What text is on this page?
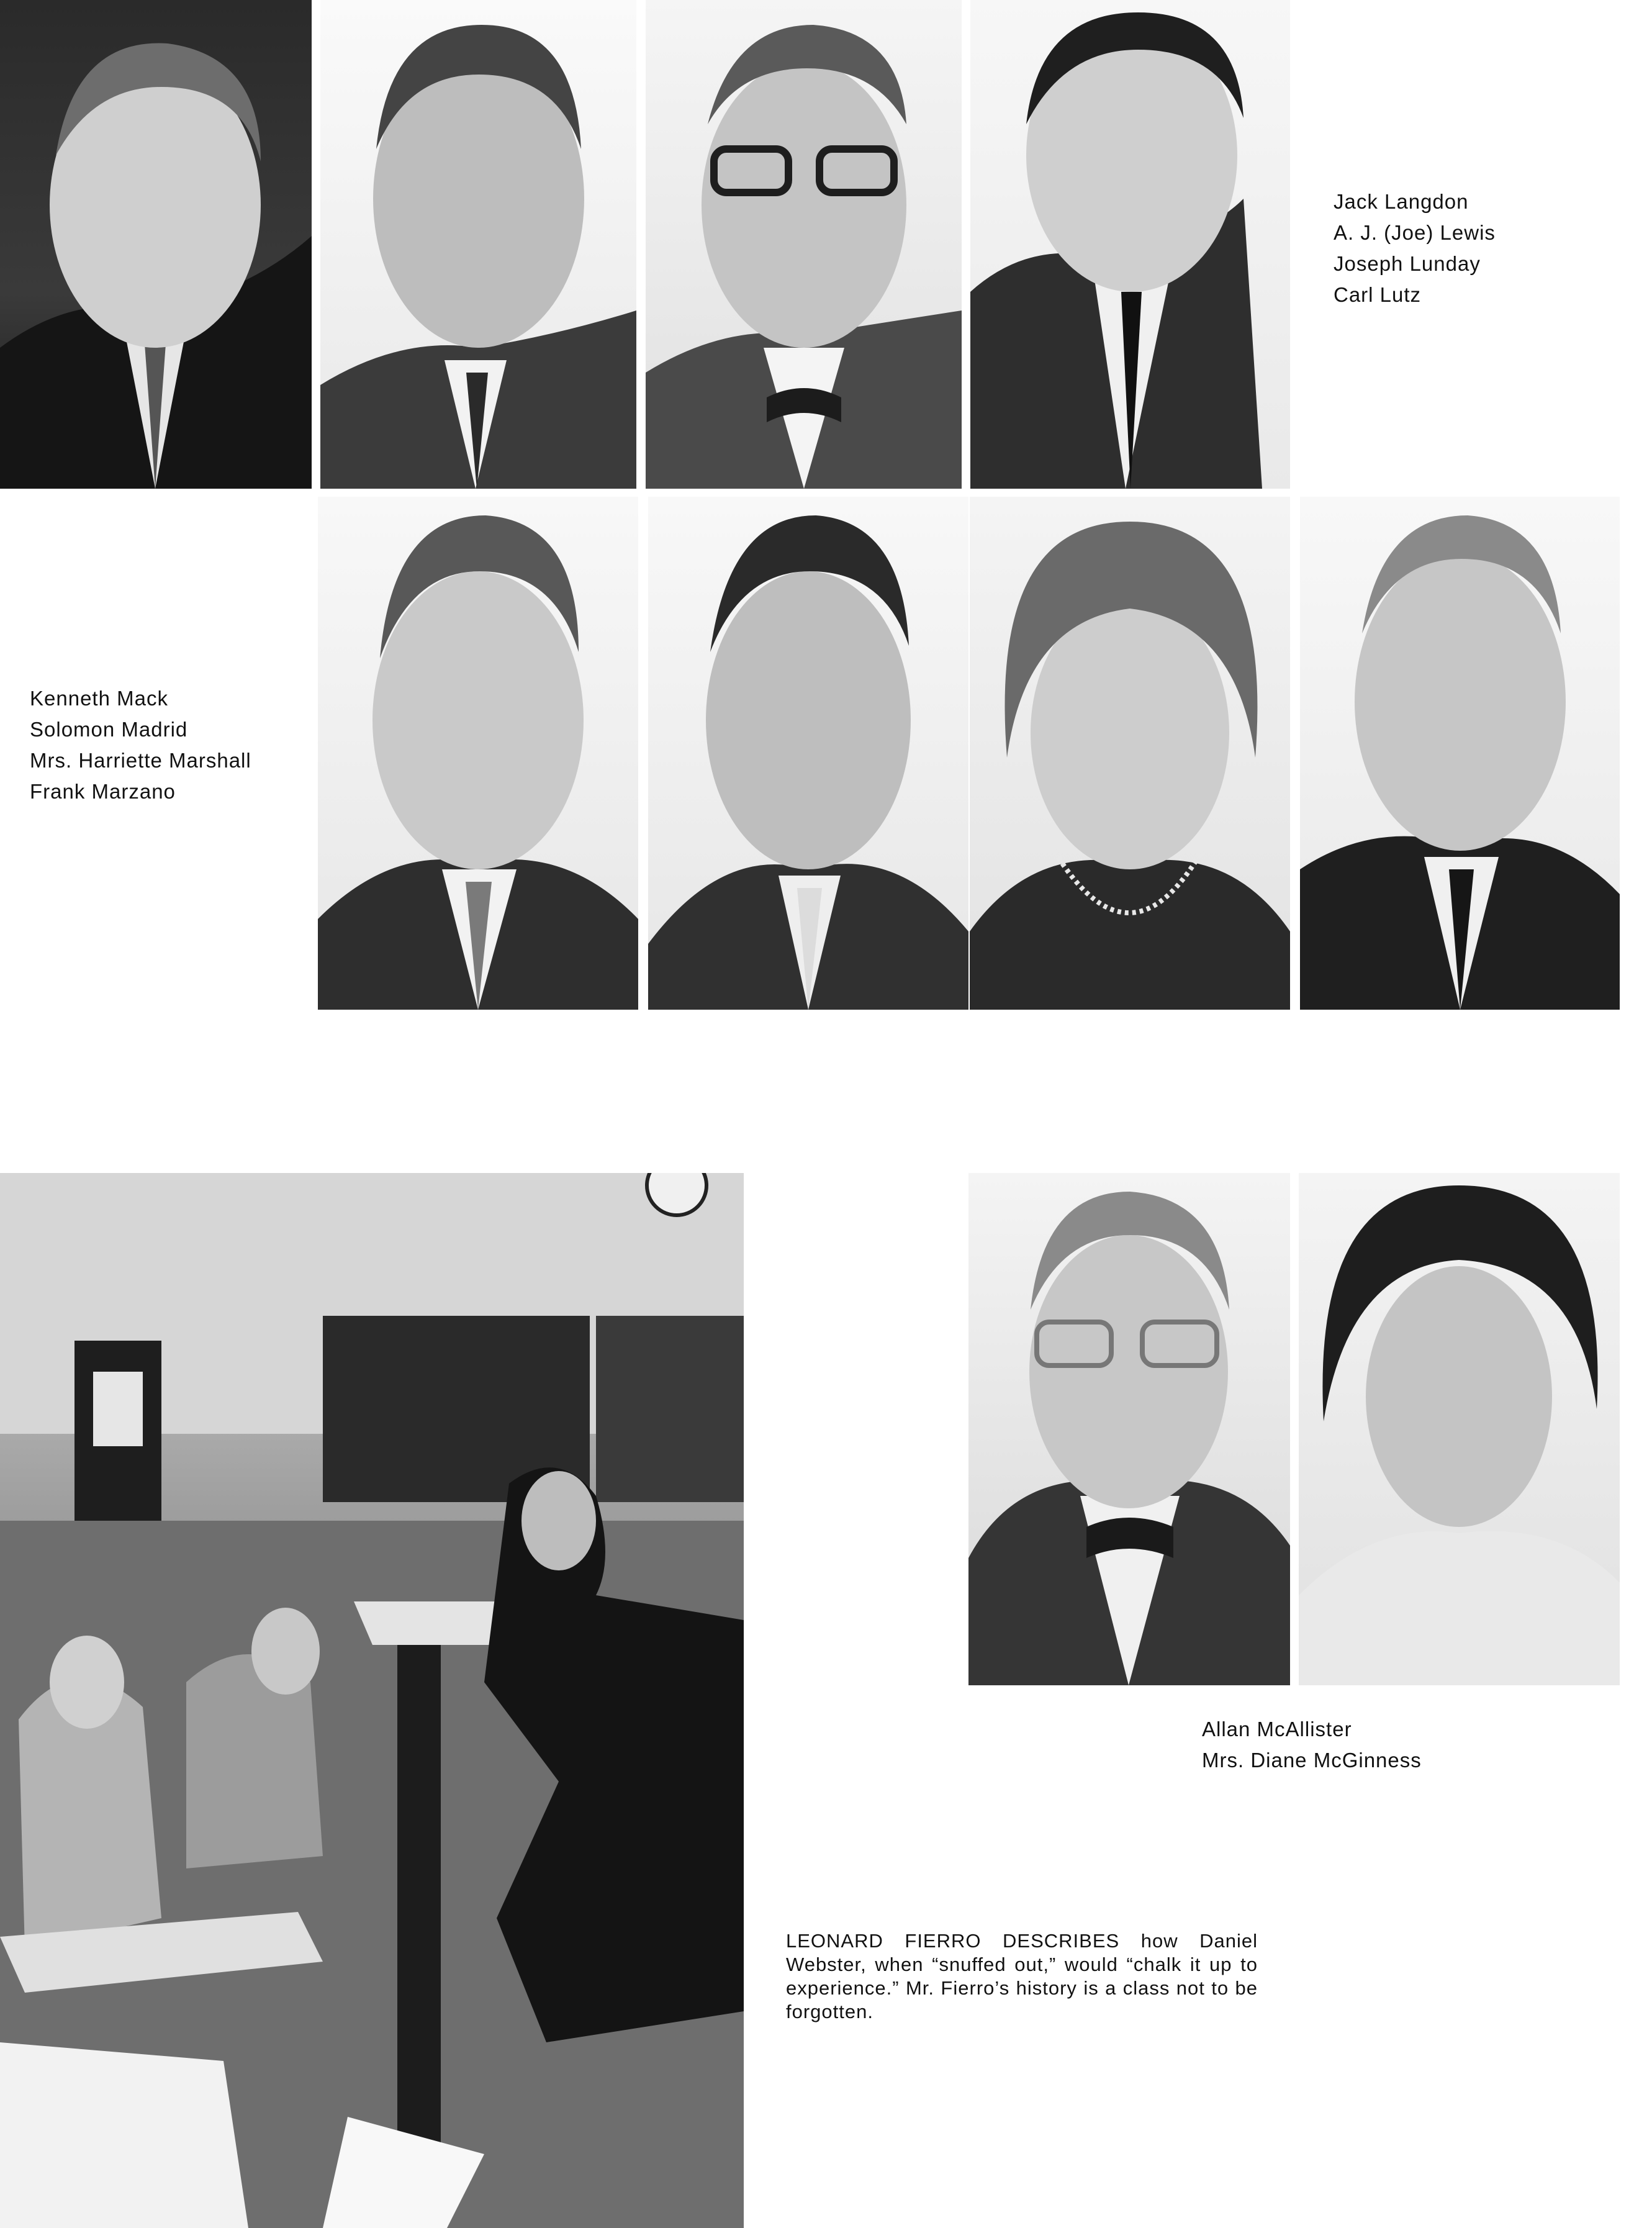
Jack Langdon
A. J. (Joe) Lewis
Joseph Lunday
Carl Lutz
Kenneth Mack
Solomon Madrid
Mrs. Harriette Marshall
Frank Marzano
Allan McAllister
Mrs. Diane McGinness
LEONARD FIERRO DESCRIBES how Daniel Webster, when “snuffed out,” would “chalk it up to experience.” Mr. Fierro’s history is a class not to be forgotten.
